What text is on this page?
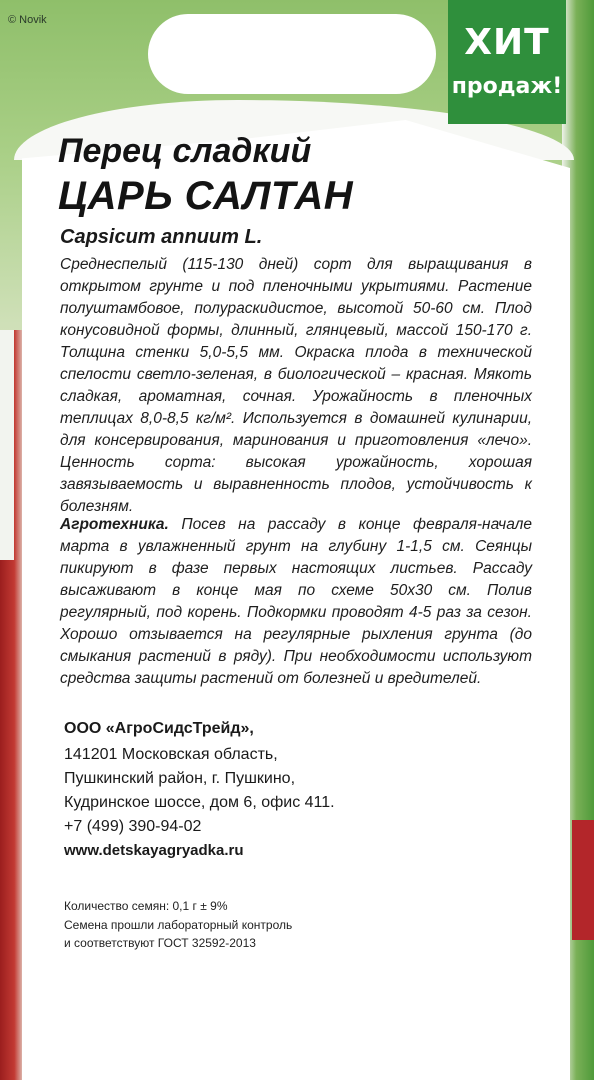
© Novik
ХИТ
продаж!
Перец сладкий
ЦАРЬ САЛТАН
Capsicum annuum L.
Среднеспелый (115-130 дней) сорт для выращивания в открытом грунте и под пленочными укрытиями. Растение полуштамбовое, полураскидистое, высотой 50-60 см. Плод конусовидной формы, длинный, глянцевый, массой 150-170 г. Толщина стенки 5,0-5,5 мм. Окраска плода в технической спелости светло-зеленая, в биологической – красная. Мякоть сладкая, ароматная, сочная. Урожайность в пленочных теплицах 8,0-8,5 кг/м². Используется в домашней кулинарии, для консервирования, маринования и приготовления «лечо». Ценность сорта: высокая урожайность, хорошая завязываемость и выравненность плодов, устойчивость к болезням.
Агротехника. Посев на рассаду в конце февраля-начале марта в увлажненный грунт на глубину 1-1,5 см. Сеянцы пикируют в фазе первых настоящих листьев. Рассаду высаживают в конце мая по схеме 50х30 см. Полив регулярный, под корень. Подкормки проводят 4-5 раз за сезон. Хорошо отзывается на регулярные рыхления грунта (до смыкания растений в ряду). При необходимости используют средства защиты растений от болезней и вредителей.
ООО «АгроСидсТрейд»,
141201 Московская область,
Пушкинский район, г. Пушкино,
Кудринское шоссе, дом 6, офис 411.
+7 (499) 390-94-02
www.detskayagryadka.ru
Количество семян: 0,1 г ± 9%
Семена прошли лабораторный контроль
и соответствуют ГОСТ 32592-2013
